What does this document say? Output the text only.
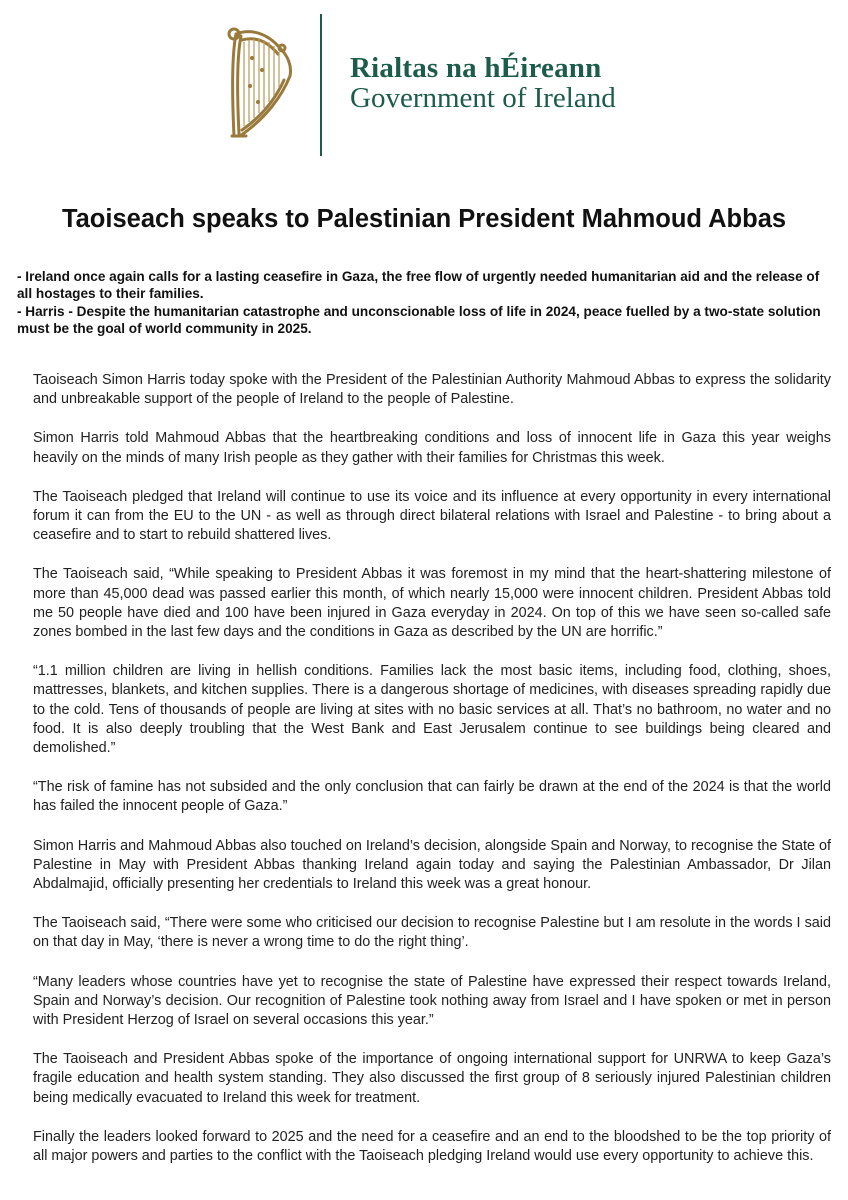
Rialtas na hÉireann
Government of Ireland
Taoiseach speaks to Palestinian President Mahmoud Abbas

- Ireland once again calls for a lasting ceasefire in Gaza, the free flow of urgently needed humanitarian aid and the release of all hostages to their families.

- Harris - Despite the humanitarian catastrophe and unconscionable loss of life in 2024, peace fuelled by a two-state solution must be the goal of world community in 2025.

Taoiseach Simon Harris today spoke with the President of the Palestinian Authority Mahmoud Abbas to express the solidarity and unbreakable support of the people of Ireland to the people of Palestine.

Simon Harris told Mahmoud Abbas that the heartbreaking conditions and loss of innocent life in Gaza this year weighs heavily on the minds of many Irish people as they gather with their families for Christmas this week.

The Taoiseach pledged that Ireland will continue to use its voice and its influence at every opportunity in every international forum it can from the EU to the UN - as well as through direct bilateral relations with Israel and Palestine - to bring about a ceasefire and to start to rebuild shattered lives.

The Taoiseach said, “While speaking to President Abbas it was foremost in my mind that the heart-shattering milestone of more than 45,000 dead was passed earlier this month, of which nearly 15,000 were innocent children. President Abbas told me 50 people have died and 100 have been injured in Gaza everyday in 2024. On top of this we have seen so-called safe zones bombed in the last few days and the conditions in Gaza as described by the UN are horrific.”

“1.1 million children are living in hellish conditions. Families lack the most basic items, including food, clothing, shoes, mattresses, blankets, and kitchen supplies. There is a dangerous shortage of medicines, with diseases spreading rapidly due to the cold. Tens of thousands of people are living at sites with no basic services at all. That’s no bathroom, no water and no food. It is also deeply troubling that the West Bank and East Jerusalem continue to see buildings being cleared and demolished.”

“The risk of famine has not subsided and the only conclusion that can fairly be drawn at the end of the 2024 is that the world has failed the innocent people of Gaza.”

Simon Harris and Mahmoud Abbas also touched on Ireland’s decision, alongside Spain and Norway, to recognise the State of Palestine in May with President Abbas thanking Ireland again today and saying the Palestinian Ambassador, Dr Jilan Abdalmajid, officially presenting her credentials to Ireland this week was a great honour.

The Taoiseach said, “There were some who criticised our decision to recognise Palestine but I am resolute in the words I said on that day in May, ‘there is never a wrong time to do the right thing’.

“Many leaders whose countries have yet to recognise the state of Palestine have expressed their respect towards Ireland, Spain and Norway’s decision. Our recognition of Palestine took nothing away from Israel and I have spoken or met in person with President Herzog of Israel on several occasions this year.”

The Taoiseach and President Abbas spoke of the importance of ongoing international support for UNRWA to keep Gaza’s fragile education and health system standing. They also discussed the first group of 8 seriously injured Palestinian children being medically evacuated to Ireland this week for treatment.

Finally the leaders looked forward to 2025 and the need for a ceasefire and an end to the bloodshed to be the top priority of all major powers and parties to the conflict with the Taoiseach pledging Ireland would use every opportunity to achieve this.
